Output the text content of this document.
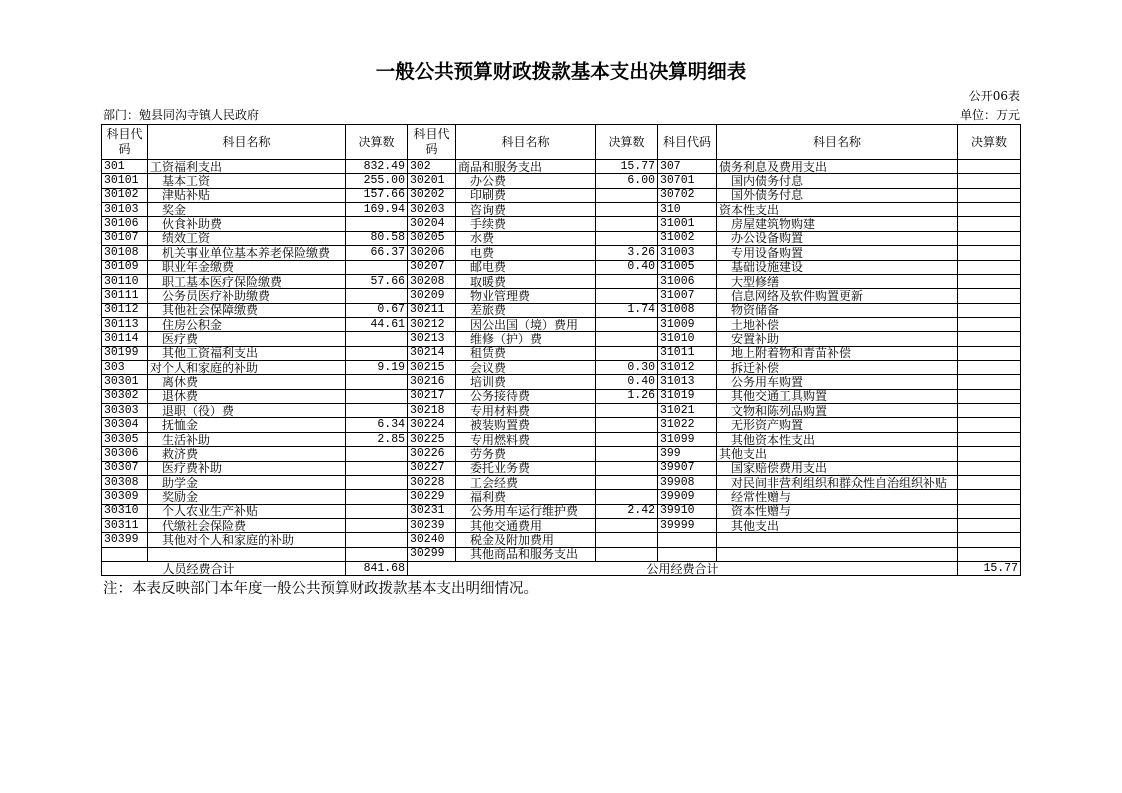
一般公共预算财政拨款基本支出决算明细表
公开06表
部门：勉县同沟寺镇人民政府	单位：万元
科目代码	科目名称	决算数	科目代码	科目名称	决算数	科目代码	科目名称	决算数
301	工资福利支出	832.49	302	商品和服务支出	15.77	307	债务利息及费用支出	
30101	基本工资	255.00	30201	办公费	6.00	30701	国内债务付息	
30102	津贴补贴	157.66	30202	印刷费		30702	国外债务付息	
30103	奖金	169.94	30203	咨询费		310	资本性支出	
30106	伙食补助费		30204	手续费		31001	房屋建筑物购建	
30107	绩效工资	80.58	30205	水费		31002	办公设备购置	
30108	机关事业单位基本养老保险缴费	66.37	30206	电费	3.26	31003	专用设备购置	
30109	职业年金缴费		30207	邮电费	0.40	31005	基础设施建设	
30110	职工基本医疗保险缴费	57.66	30208	取暖费		31006	大型修缮	
30111	公务员医疗补助缴费		30209	物业管理费		31007	信息网络及软件购置更新	
30112	其他社会保障缴费	0.67	30211	差旅费	1.74	31008	物资储备	
30113	住房公积金	44.61	30212	因公出国（境）费用		31009	土地补偿	
30114	医疗费		30213	维修（护）费		31010	安置补助	
30199	其他工资福利支出		30214	租赁费		31011	地上附着物和青苗补偿	
303	对个人和家庭的补助	9.19	30215	会议费	0.30	31012	拆迁补偿	
30301	离休费		30216	培训费	0.40	31013	公务用车购置	
30302	退休费		30217	公务接待费	1.26	31019	其他交通工具购置	
30303	退职（役）费		30218	专用材料费		31021	文物和陈列品购置	
30304	抚恤金	6.34	30224	被装购置费		31022	无形资产购置	
30305	生活补助	2.85	30225	专用燃料费		31099	其他资本性支出	
30306	救济费		30226	劳务费		399	其他支出	
30307	医疗费补助		30227	委托业务费		39907	国家赔偿费用支出	
30308	助学金		30228	工会经费		39908	对民间非营利组织和群众性自治组织补贴	
30309	奖励金		30229	福利费		39909	经常性赠与	
30310	个人农业生产补贴		30231	公务用车运行维护费	2.42	39910	资本性赠与	
30311	代缴社会保险费		30239	其他交通费用		39999	其他支出	
30399	其他对个人和家庭的补助		30240	税金及附加费用				
			30299	其他商品和服务支出				
人员经费合计		841.68	公用经费合计					15.77
注：本表反映部门本年度一般公共预算财政拨款基本支出明细情况。
